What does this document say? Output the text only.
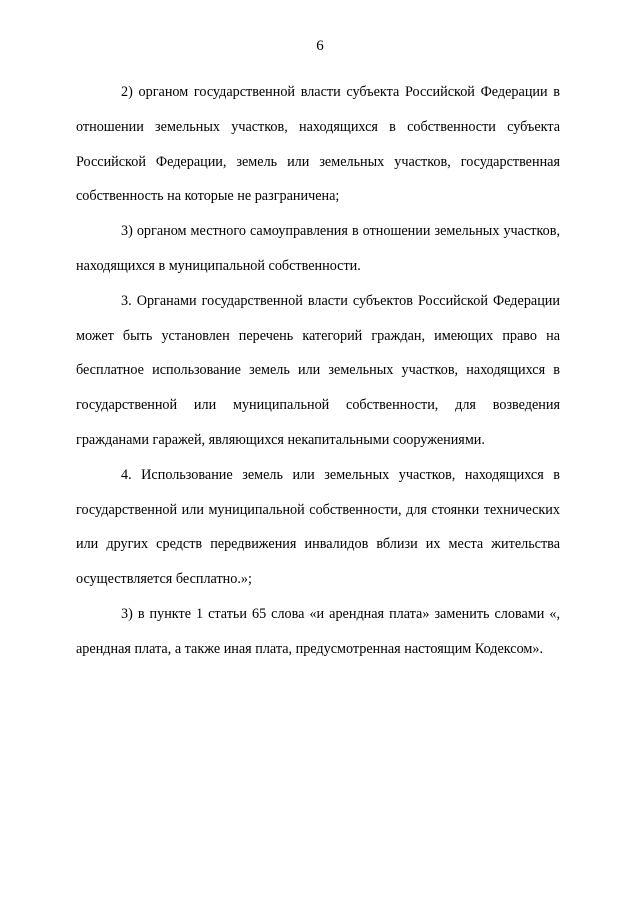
6

2) органом государственной власти субъекта Российской Федерации в отношении земельных участков, находящихся в собственности субъекта Российской Федерации, земель или земельных участков, государственная собственность на которые не разграничена;

3) органом местного самоуправления в отношении земельных участков, находящихся в муниципальной собственности.

3. Органами государственной власти субъектов Российской Федерации может быть установлен перечень категорий граждан, имеющих право на бесплатное использование земель или земельных участков, находящихся в государственной или муниципальной собственности, для возведения гражданами гаражей, являющихся некапитальными сооружениями.

4. Использование земель или земельных участков, находящихся в государственной или муниципальной собственности, для стоянки технических или других средств передвижения инвалидов вблизи их места жительства осуществляется бесплатно.»;

3) в пункте 1 статьи 65 слова «и арендная плата» заменить словами «, арендная плата, а также иная плата, предусмотренная настоящим Кодексом».
